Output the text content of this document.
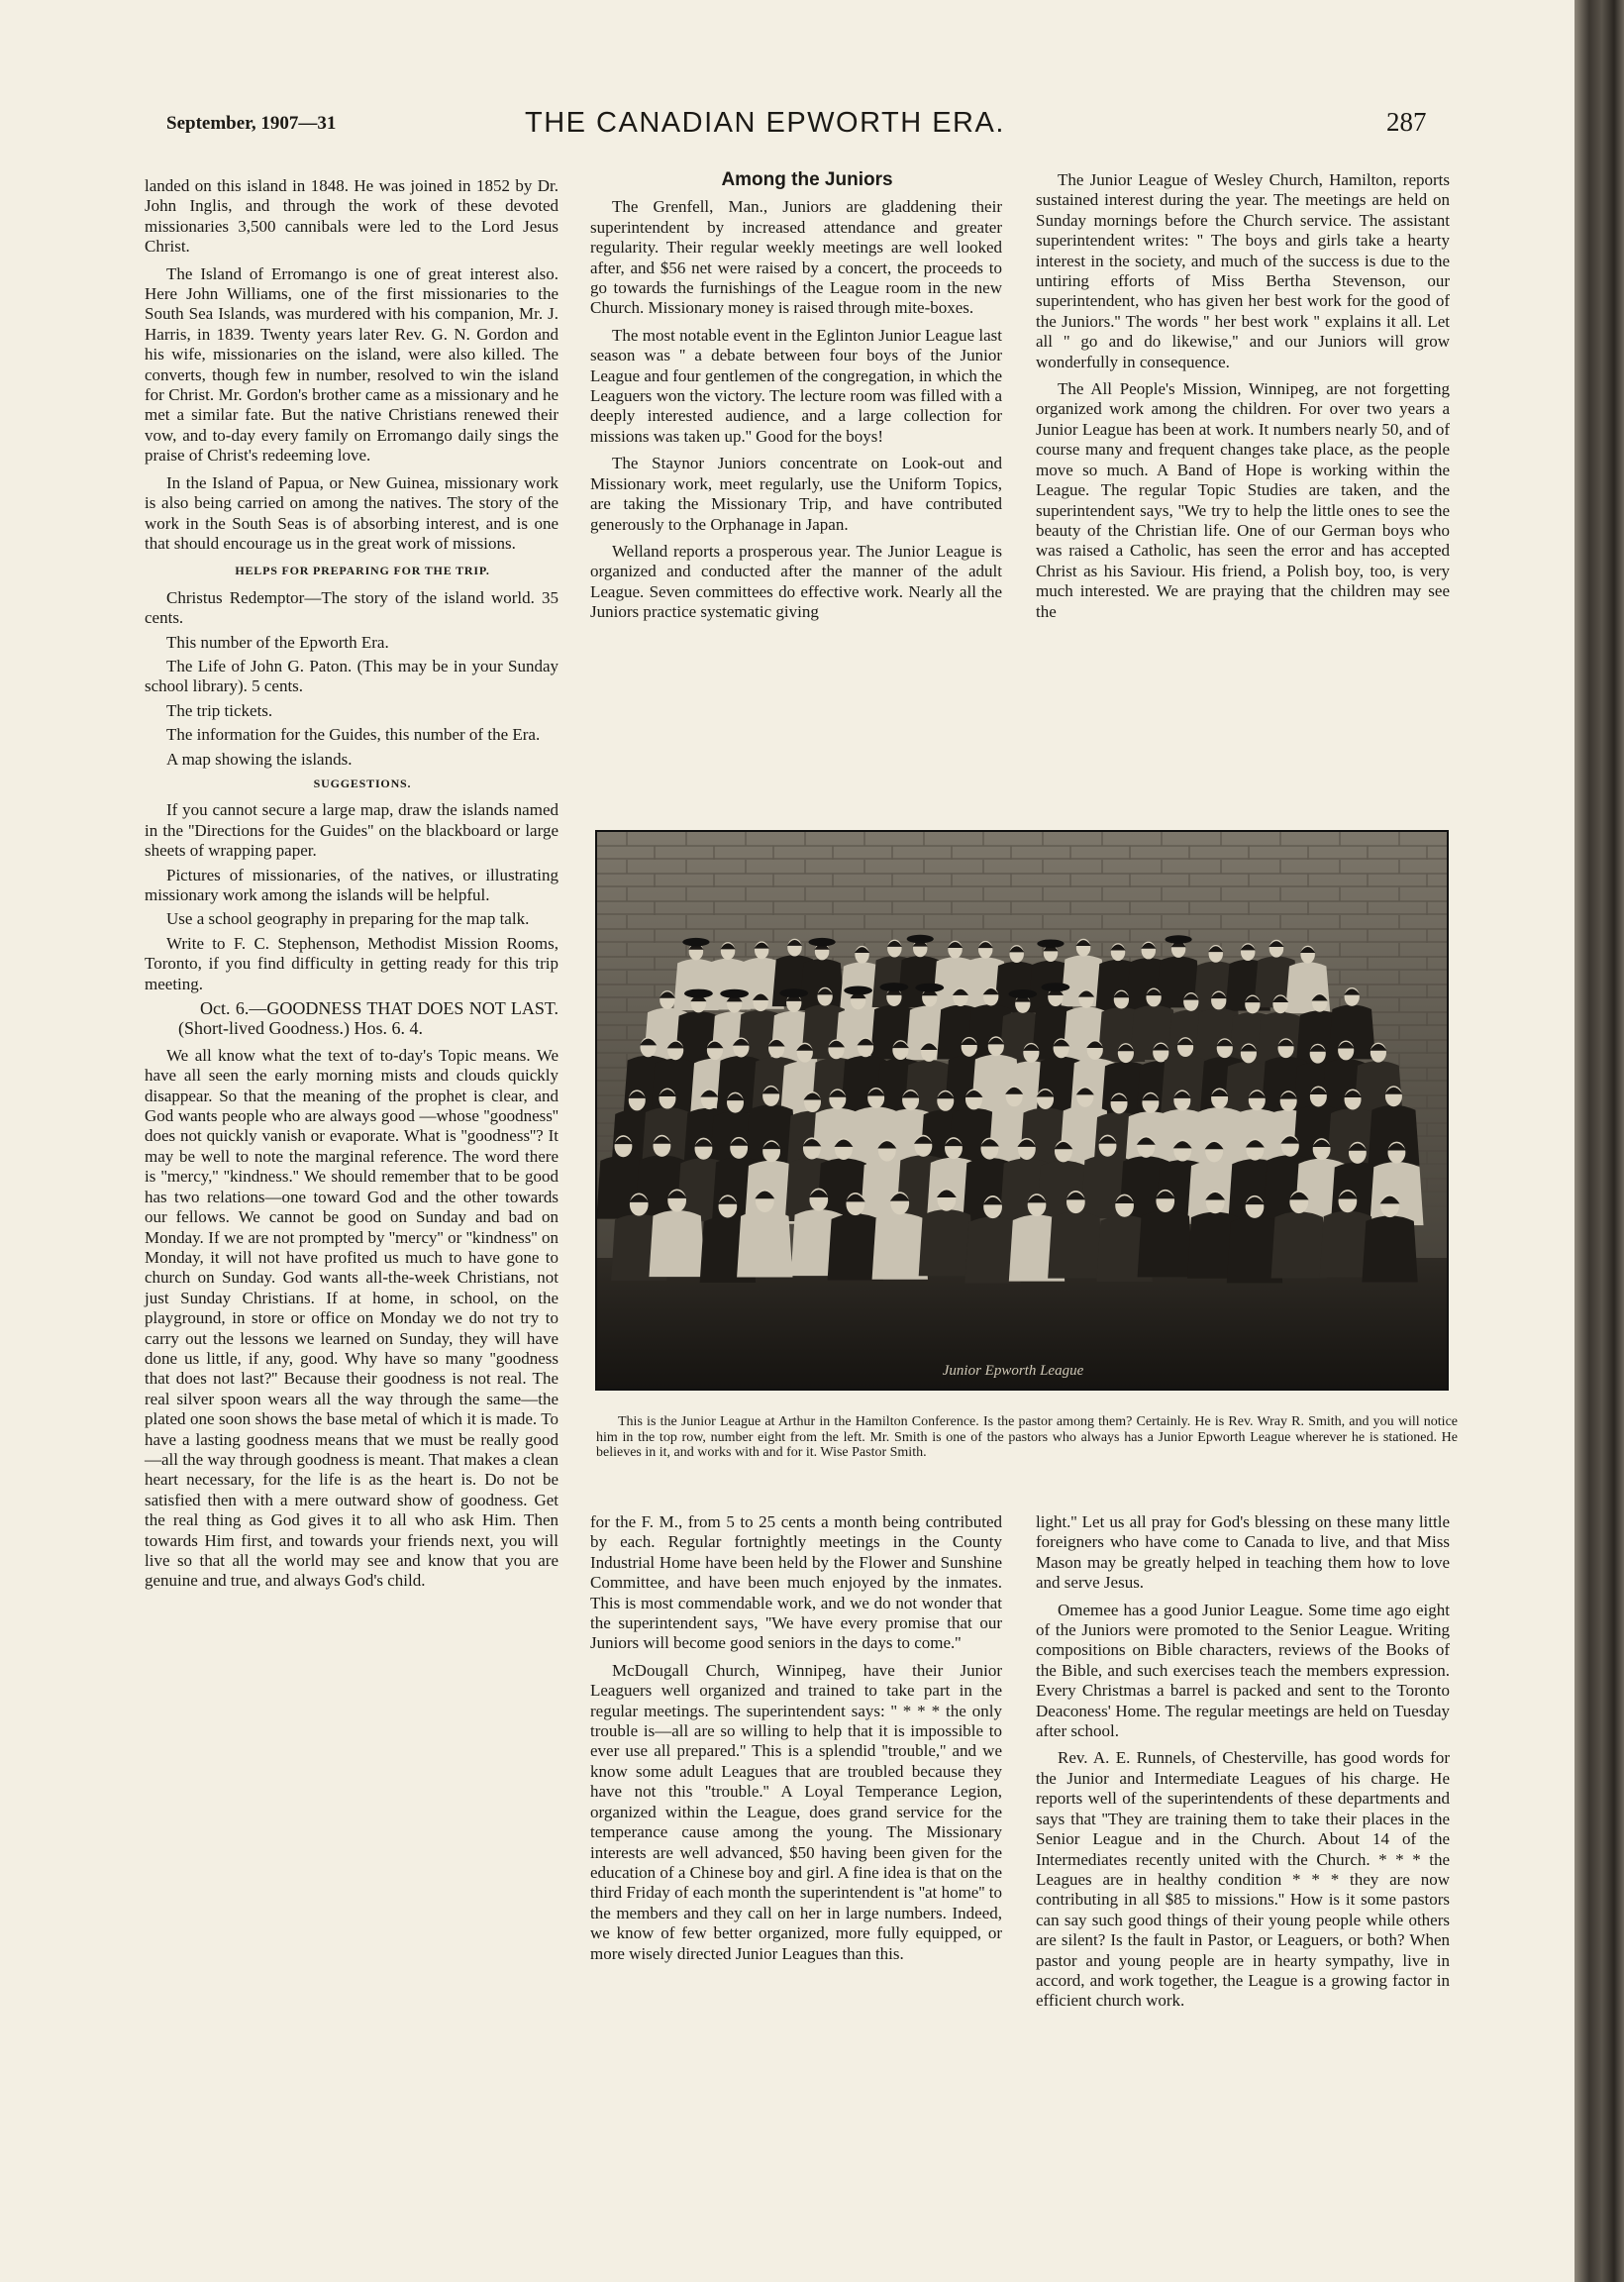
September, 1907—31	THE CANADIAN EPWORTH ERA.	287

landed on this island in 1848. He was joined in 1852 by Dr. John Inglis, and through the work of these devoted missionaries 3,500 cannibals were led to the Lord Jesus Christ.

The Island of Erromango is one of great interest also. Here John Williams, one of the first missionaries to the South Sea Islands, was murdered with his companion, Mr. J. Harris, in 1839. Twenty years later Rev. G. N. Gordon and his wife, missionaries on the island, were also killed. The converts, though few in number, resolved to win the island for Christ. Mr. Gordon's brother came as a missionary and he met a similar fate. But the native Christians renewed their vow, and to-day every family on Erromango daily sings the praise of Christ's redeeming love.

In the Island of Papua, or New Guinea, missionary work is also being carried on among the natives. The story of the work in the South Seas is of absorbing interest, and is one that should encourage us in the great work of missions.

HELPS FOR PREPARING FOR THE TRIP.

Christus Redemptor—The story of the island world. 35 cents.

This number of the Epworth Era.

The Life of John G. Paton. (This may be in your Sunday school library). 5 cents.

The trip tickets.

The information for the Guides, this number of the Era.

A map showing the islands.

SUGGESTIONS.

If you cannot secure a large map, draw the islands named in the ''Directions for the Guides'' on the blackboard or large sheets of wrapping paper.

Pictures of missionaries, of the natives, or illustrating missionary work among the islands will be helpful.

Use a school geography in preparing for the map talk.

Write to F. C. Stephenson, Methodist Mission Rooms, Toronto, if you find difficulty in getting ready for this trip meeting.

Oct. 6.—GOODNESS THAT DOES NOT LAST. (Short-lived Goodness.) Hos. 6. 4.

We all know what the text of to-day's Topic means. We have all seen the early morning mists and clouds quickly disappear. So that the meaning of the prophet is clear, and God wants people who are always good —whose ''goodness'' does not quickly vanish or evaporate. What is ''goodness''? It may be well to note the marginal reference. The word there is ''mercy,'' ''kindness.'' We should remember that to be good has two relations—one toward God and the other towards our fellows. We cannot be good on Sunday and bad on Monday. If we are not prompted by ''mercy'' or ''kindness'' on Monday, it will not have profited us much to have gone to church on Sunday. God wants all-the-week Christians, not just Sunday Christians. If at home, in school, on the playground, in store or office on Monday we do not try to carry out the lessons we learned on Sunday, they will have done us little, if any, good. Why have so many ''goodness that does not last?'' Because their goodness is not real. The real silver spoon wears all the way through the same—the plated one soon shows the base metal of which it is made. To have a lasting goodness means that we must be really good—all the way through goodness is meant. That makes a clean heart necessary, for the life is as the heart is. Do not be satisfied then with a mere outward show of goodness. Get the real thing as God gives it to all who ask Him. Then towards Him first, and towards your friends next, you will live so that all the world may see and know that you are genuine and true, and always God's child.

Among the Juniors

The Grenfell, Man., Juniors are gladdening their superintendent by increased attendance and greater regularity. Their regular weekly meetings are well looked after, and $56 net were raised by a concert, the proceeds to go towards the furnishings of the League room in the new Church. Missionary money is raised through mite-boxes.

The most notable event in the Eglinton Junior League last season was '' a debate between four boys of the Junior League and four gentlemen of the congregation, in which the Leaguers won the victory. The lecture room was filled with a deeply interested audience, and a large collection for missions was taken up.'' Good for the boys!

The Staynor Juniors concentrate on Look-out and Missionary work, meet regularly, use the Uniform Topics, are taking the Missionary Trip, and have contributed generously to the Orphanage in Japan.

Welland reports a prosperous year. The Junior League is organized and conducted after the manner of the adult League. Seven committees do effective work. Nearly all the Juniors practice systematic giving

The Junior League of Wesley Church, Hamilton, reports sustained interest during the year. The meetings are held on Sunday mornings before the Church service. The assistant superintendent writes: '' The boys and girls take a hearty interest in the society, and much of the success is due to the untiring efforts of Miss Bertha Stevenson, our superintendent, who has given her best work for the good of the Juniors.'' The words '' her best work '' explains it all. Let all '' go and do likewise,'' and our Juniors will grow wonderfully in consequence.

The All People's Mission, Winnipeg, are not forgetting organized work among the children. For over two years a Junior League has been at work. It numbers nearly 50, and of course many and frequent changes take place, as the people move so much. A Band of Hope is working within the League. The regular Topic Studies are taken, and the superintendent says, ''We try to help the little ones to see the beauty of the Christian life. One of our German boys who was raised a Catholic, has seen the error and has accepted Christ as his Saviour. His friend, a Polish boy, too, is very much interested. We are praying that the children may see the

Junior Epworth League

This is the Junior League at Arthur in the Hamilton Conference. Is the pastor among them? Certainly. He is Rev. Wray R. Smith, and you will notice him in the top row, number eight from the left. Mr. Smith is one of the pastors who always has a Junior Epworth League wherever he is stationed. He believes in it, and works with and for it. Wise Pastor Smith.

for the F. M., from 5 to 25 cents a month being contributed by each. Regular fortnightly meetings in the County Industrial Home have been held by the Flower and Sunshine Committee, and have been much enjoyed by the inmates. This is most commendable work, and we do not wonder that the superintendent says, ''We have every promise that our Juniors will become good seniors in the days to come.''

McDougall Church, Winnipeg, have their Junior Leaguers well organized and trained to take part in the regular meetings. The superintendent says: '' * * * the only trouble is—all are so willing to help that it is impossible to ever use all prepared.'' This is a splendid ''trouble,'' and we know some adult Leagues that are troubled because they have not this ''trouble.'' A Loyal Temperance Legion, organized within the League, does grand service for the temperance cause among the young. The Missionary interests are well advanced, $50 having been given for the education of a Chinese boy and girl. A fine idea is that on the third Friday of each month the superintendent is ''at home'' to the members and they call on her in large numbers. Indeed, we know of few better organized, more fully equipped, or more wisely directed Junior Leagues than this.

light.'' Let us all pray for God's blessing on these many little foreigners who have come to Canada to live, and that Miss Mason may be greatly helped in teaching them how to love and serve Jesus.

Omemee has a good Junior League. Some time ago eight of the Juniors were promoted to the Senior League. Writing compositions on Bible characters, reviews of the Books of the Bible, and such exercises teach the members expression. Every Christmas a barrel is packed and sent to the Toronto Deaconess' Home. The regular meetings are held on Tuesday after school.

Rev. A. E. Runnels, of Chesterville, has good words for the Junior and Intermediate Leagues of his charge. He reports well of the superintendents of these departments and says that ''They are training them to take their places in the Senior League and in the Church. About 14 of the Intermediates recently united with the Church. * * * the Leagues are in healthy condition * * * they are now contributing in all $85 to missions.'' How is it some pastors can say such good things of their young people while others are silent? Is the fault in Pastor, or Leaguers, or both? When pastor and young people are in hearty sympathy, live in accord, and work together, the League is a growing factor in efficient church work.
